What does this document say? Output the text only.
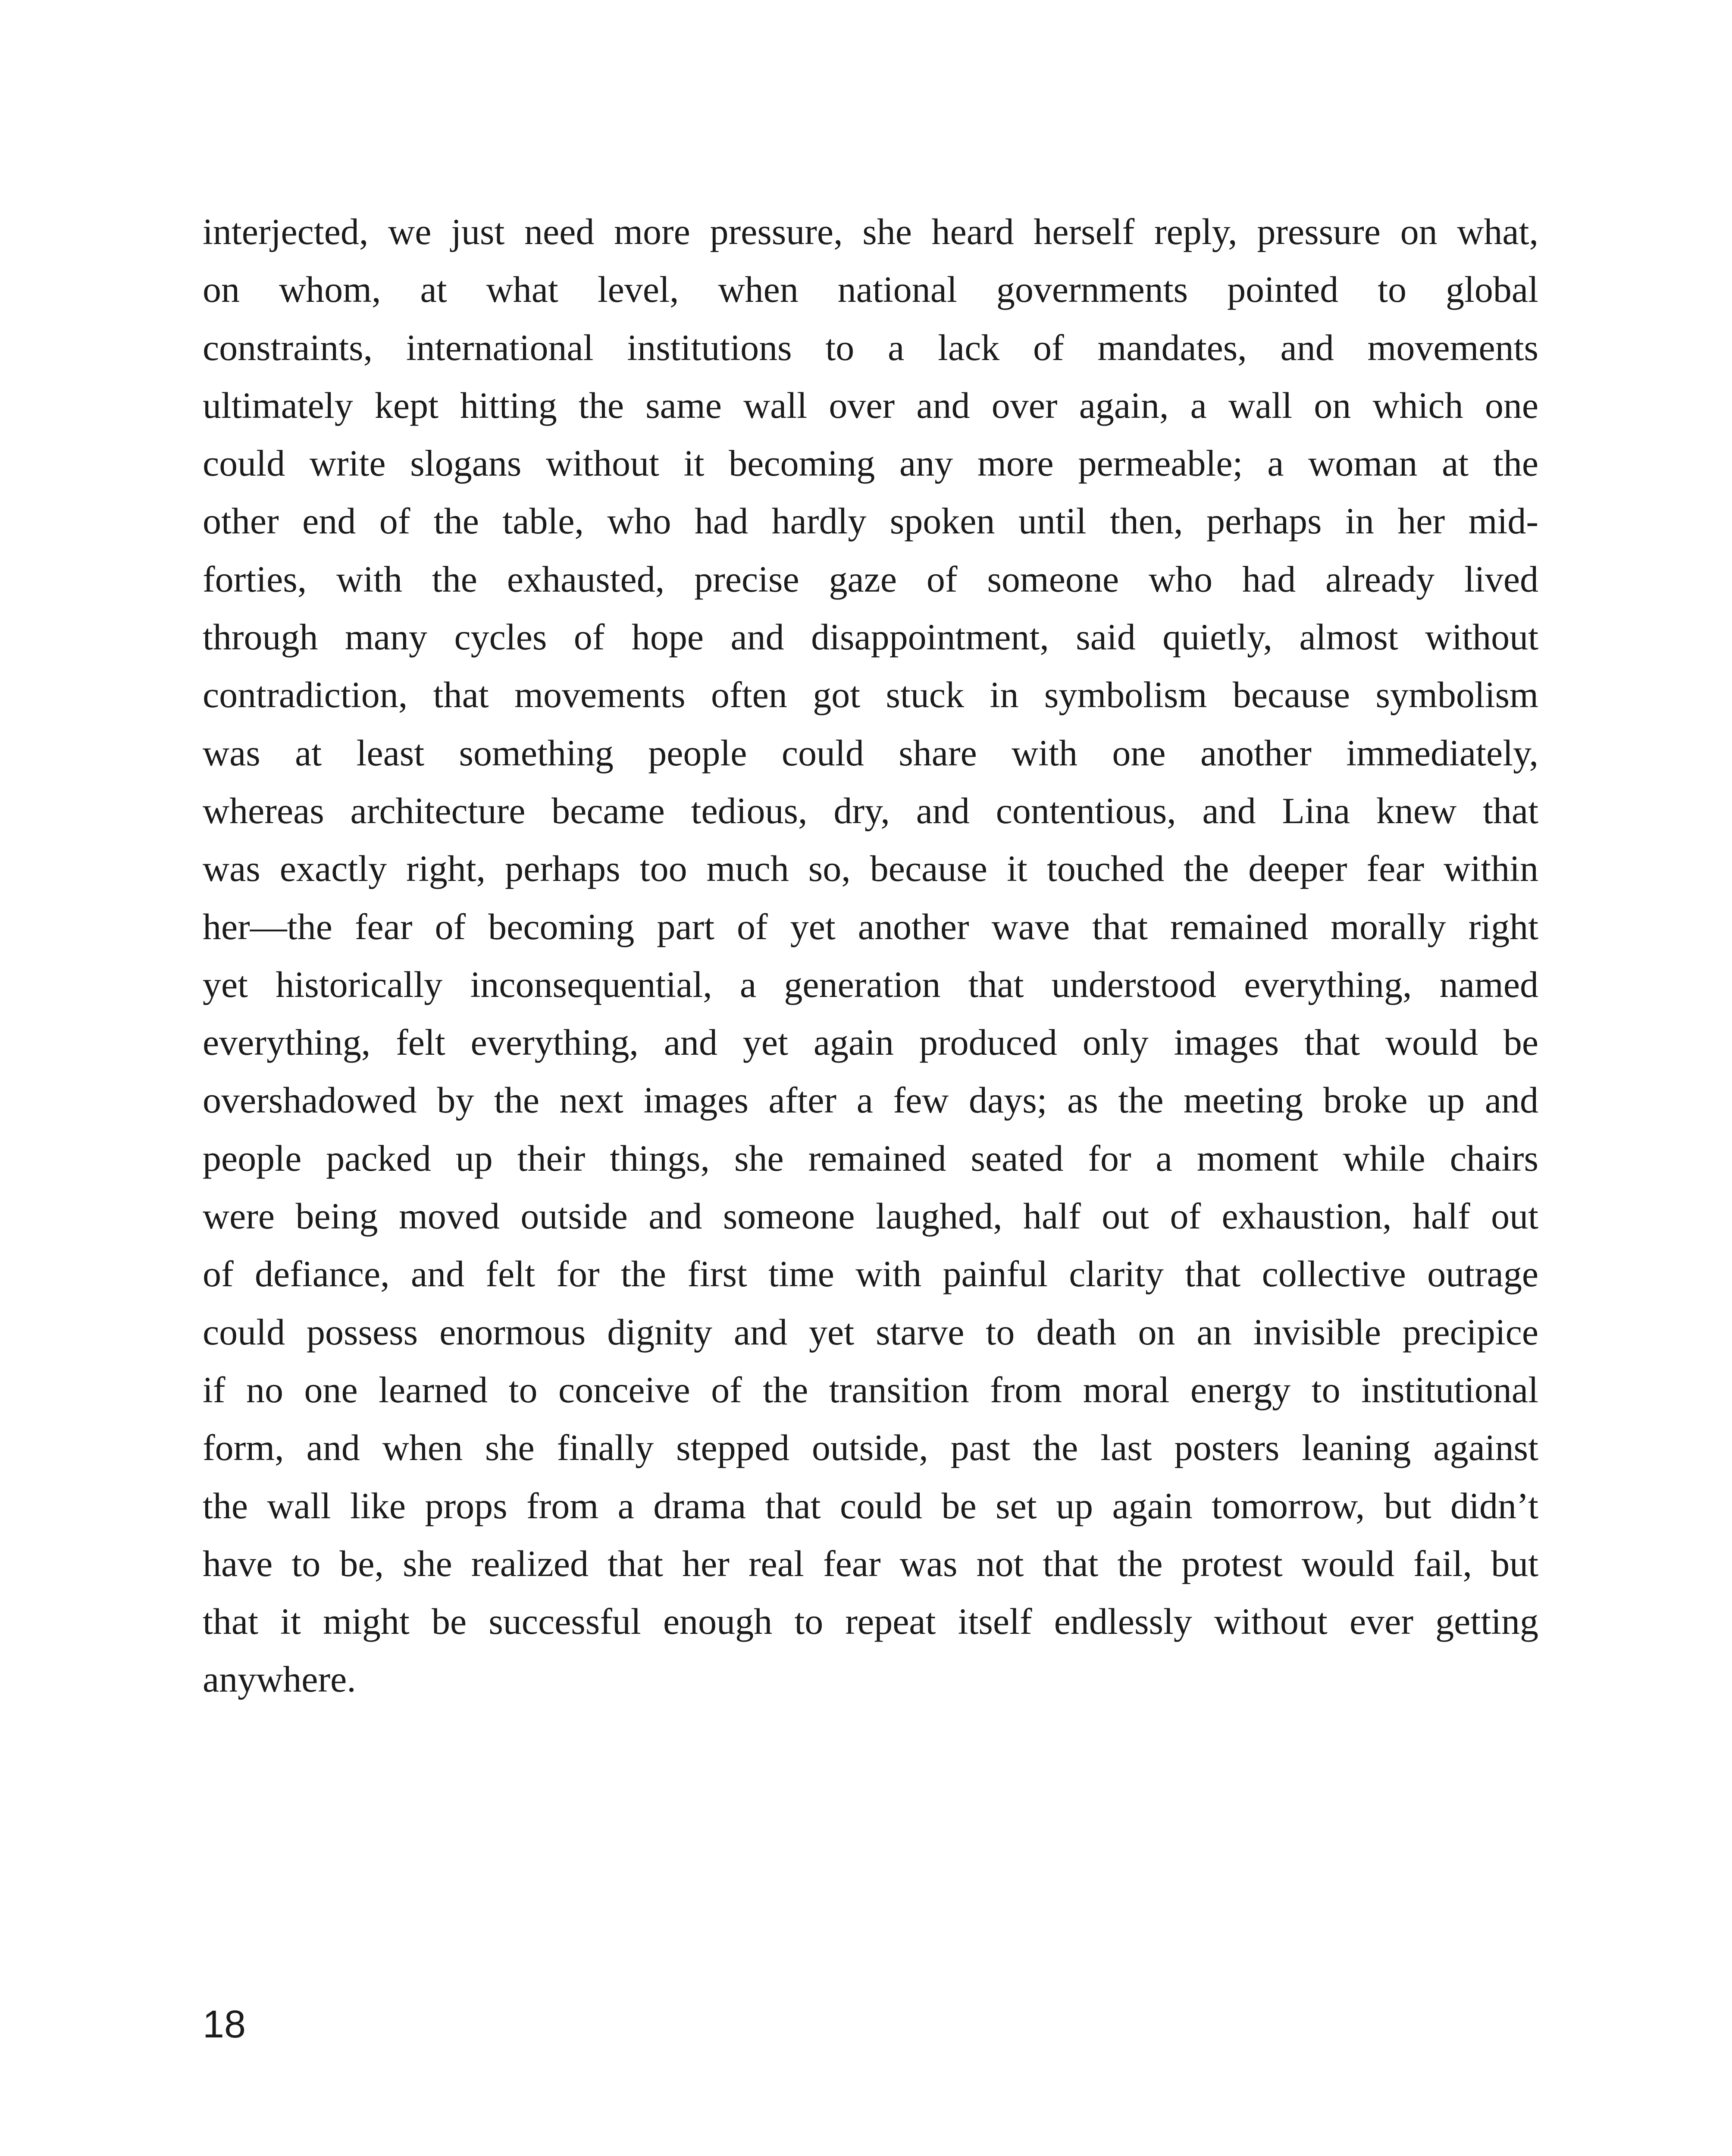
interjected, we just need more pressure, she heard herself reply, pressure on what,
on whom, at what level, when national governments pointed to global
constraints, international institutions to a lack of mandates, and movements
ultimately kept hitting the same wall over and over again, a wall on which one
could write slogans without it becoming any more permeable; a woman at the
other end of the table, who had hardly spoken until then, perhaps in her mid-
forties, with the exhausted, precise gaze of someone who had already lived
through many cycles of hope and disappointment, said quietly, almost without
contradiction, that movements often got stuck in symbolism because symbolism
was at least something people could share with one another immediately,
whereas architecture became tedious, dry, and contentious, and Lina knew that
was exactly right, perhaps too much so, because it touched the deeper fear within
her—the fear of becoming part of yet another wave that remained morally right
yet historically inconsequential, a generation that understood everything, named
everything, felt everything, and yet again produced only images that would be
overshadowed by the next images after a few days; as the meeting broke up and
people packed up their things, she remained seated for a moment while chairs
were being moved outside and someone laughed, half out of exhaustion, half out
of defiance, and felt for the first time with painful clarity that collective outrage
could possess enormous dignity and yet starve to death on an invisible precipice
if no one learned to conceive of the transition from moral energy to institutional
form, and when she finally stepped outside, past the last posters leaning against
the wall like props from a drama that could be set up again tomorrow, but didn’t
have to be, she realized that her real fear was not that the protest would fail, but
that it might be successful enough to repeat itself endlessly without ever getting
anywhere.
18
